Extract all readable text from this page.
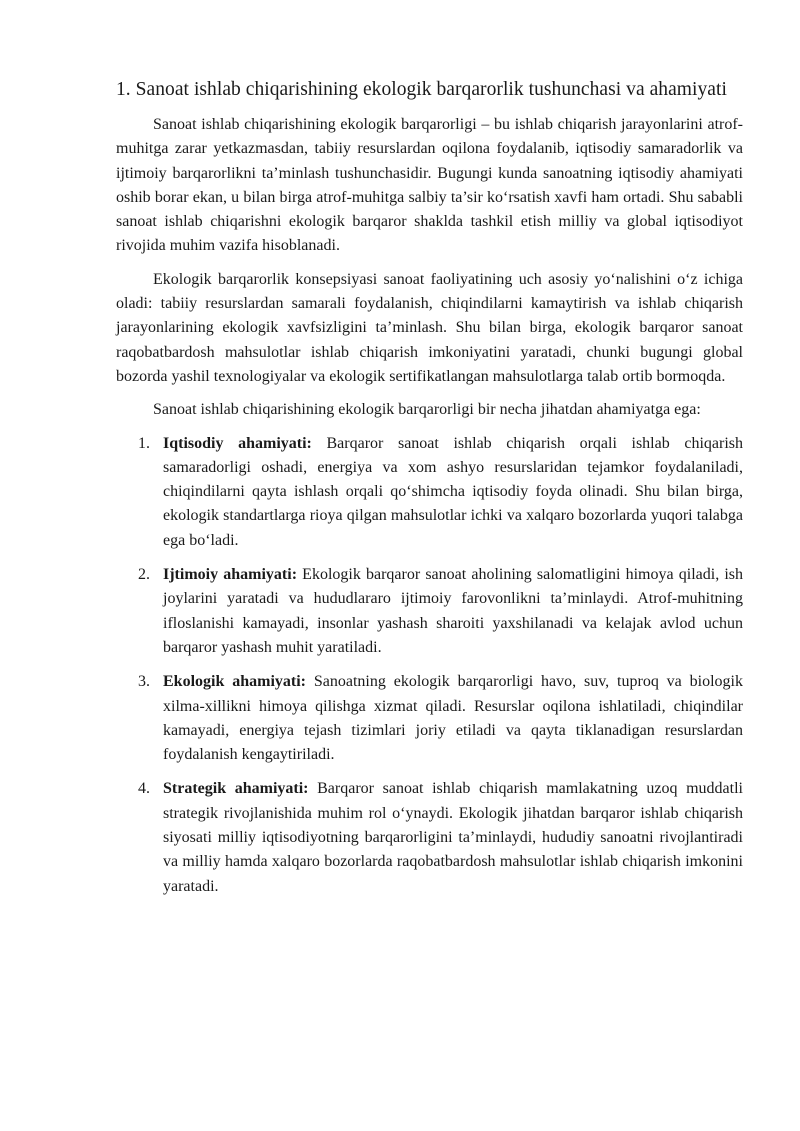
1. Sanoat ishlab chiqarishining ekologik barqarorlik tushunchasi va ahamiyati

Sanoat ishlab chiqarishining ekologik barqarorligi – bu ishlab chiqarish jarayonlarini atrof-muhitga zarar yetkazmasdan, tabiiy resurslardan oqilona foydalanib, iqtisodiy samaradorlik va ijtimoiy barqarorlikni ta’minlash tushunchasidir. Bugungi kunda sanoatning iqtisodiy ahamiyati oshib borar ekan, u bilan birga atrof-muhitga salbiy ta’sir koʻrsatish xavfi ham ortadi. Shu sababli sanoat ishlab chiqarishni ekologik barqaror shaklda tashkil etish milliy va global iqtisodiyot rivojida muhim vazifa hisoblanadi.

Ekologik barqarorlik konsepsiyasi sanoat faoliyatining uch asosiy yoʻnalishini oʻz ichiga oladi: tabiiy resurslardan samarali foydalanish, chiqindilarni kamaytirish va ishlab chiqarish jarayonlarining ekologik xavfsizligini ta’minlash. Shu bilan birga, ekologik barqaror sanoat raqobatbardosh mahsulotlar ishlab chiqarish imkoniyatini yaratadi, chunki bugungi global bozorda yashil texnologiyalar va ekologik sertifikatlangan mahsulotlarga talab ortib bormoqda.

Sanoat ishlab chiqarishining ekologik barqarorligi bir necha jihatdan ahamiyatga ega:

1. Iqtisodiy ahamiyati: Barqaror sanoat ishlab chiqarish orqali ishlab chiqarish samaradorligi oshadi, energiya va xom ashyo resurslaridan tejamkor foydalaniladi, chiqindilarni qayta ishlash orqali qoʻshimcha iqtisodiy foyda olinadi. Shu bilan birga, ekologik standartlarga rioya qilgan mahsulotlar ichki va xalqaro bozorlarda yuqori talabga ega boʻladi.
2. Ijtimoiy ahamiyati: Ekologik barqaror sanoat aholining salomatligini himoya qiladi, ish joylarini yaratadi va hududlararo ijtimoiy farovonlikni ta’minlaydi. Atrof-muhitning ifloslanishi kamayadi, insonlar yashash sharoiti yaxshilanadi va kelajak avlod uchun barqaror yashash muhit yaratiladi.
3. Ekologik ahamiyati: Sanoatning ekologik barqarorligi havo, suv, tuproq va biologik xilma-xillikni himoya qilishga xizmat qiladi. Resurslar oqilona ishlatiladi, chiqindilar kamayadi, energiya tejash tizimlari joriy etiladi va qayta tiklanadigan resurslardan foydalanish kengaytiriladi.
4. Strategik ahamiyati: Barqaror sanoat ishlab chiqarish mamlakatning uzoq muddatli strategik rivojlanishida muhim rol oʻynaydi. Ekologik jihatdan barqaror ishlab chiqarish siyosati milliy iqtisodiyotning barqarorligini ta’minlaydi, hududiy sanoatni rivojlantiradi va milliy hamda xalqaro bozorlarda raqobatbardosh mahsulotlar ishlab chiqarish imkonini yaratadi.
